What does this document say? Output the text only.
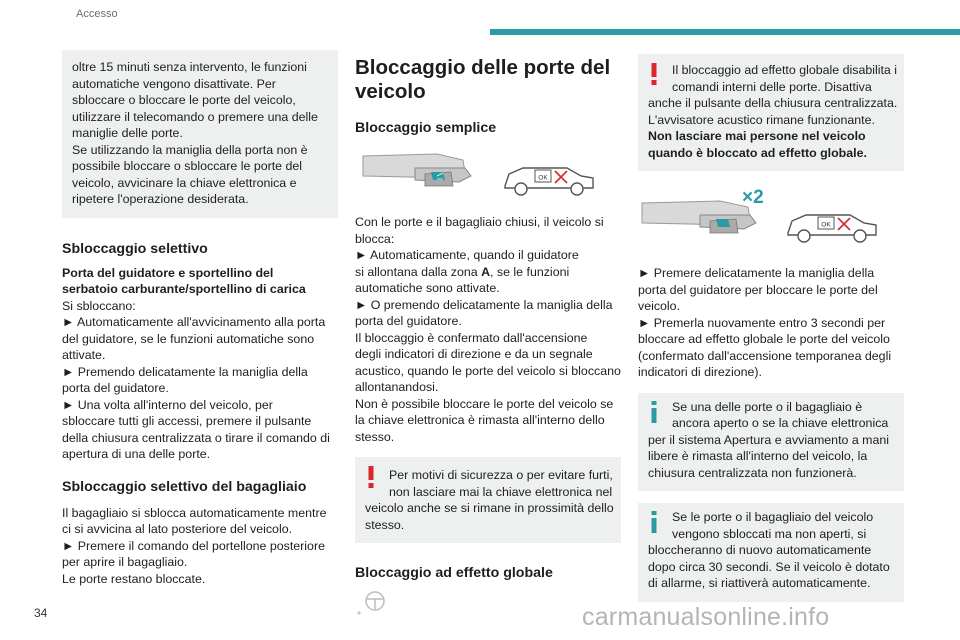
Accesso
oltre 15 minuti senza intervento, le funzioni
automatiche vengono disattivate. Per
sbloccare o bloccare le porte del veicolo,
utilizzare il telecomando o premere una delle
maniglie delle porte.
Se utilizzando la maniglia della porta non è
possibile bloccare o sbloccare le porte del
veicolo, avvicinare la chiave elettronica e
ripetere l'operazione desiderata.
Sbloccaggio selettivo
Porta del guidatore e sportellino del
serbatoio carburante/sportellino di carica
Si sbloccano:
► Automaticamente all'avvicinamento alla porta
del guidatore, se le funzioni automatiche sono
attivate.
► Premendo delicatamente la maniglia della
porta del guidatore.
► Una volta all'interno del veicolo, per
sbloccare tutti gli accessi, premere il pulsante
della chiusura centralizzata o tirare il comando di
apertura di una delle porte.
Sbloccaggio selettivo del bagagliaio
Il bagagliaio si sblocca automaticamente mentre
ci si avvicina al lato posteriore del veicolo.
► Premere il comando del portellone posteriore
per aprire il bagagliaio.
Le porte restano bloccate.
Bloccaggio delle porte del
veicolo
Bloccaggio semplice
OK
Con le porte e il bagagliaio chiusi, il veicolo si
blocca:
► Automaticamente, quando il guidatore
si allontana dalla zona A, se le funzioni
automatiche sono attivate.
► O premendo delicatamente la maniglia della
porta del guidatore.
Il bloccaggio è confermato dall'accensione
degli indicatori di direzione e da un segnale
acustico, quando le porte del veicolo si bloccano
allontanandosi.
Non è possibile bloccare le porte del veicolo se
la chiave elettronica è rimasta all'interno dello
stesso.
Per motivi di sicurezza o per evitare furti,
non lasciare mai la chiave elettronica nel
veicolo anche se si rimane in prossimità dello
stesso.
Bloccaggio ad effetto globale
Il bloccaggio ad effetto globale disabilita i
comandi interni delle porte. Disattiva
anche il pulsante della chiusura centralizzata.
L'avvisatore acustico rimane funzionante.
Non lasciare mai persone nel veicolo
quando è bloccato ad effetto globale.
×2
OK
► Premere delicatamente la maniglia della
porta del guidatore per bloccare le porte del
veicolo.
► Premerla nuovamente entro 3 secondi per
bloccare ad effetto globale le porte del veicolo
(confermato dall'accensione temporanea degli
indicatori di direzione).
Se una delle porte o il bagagliaio è
ancora aperto o se la chiave elettronica
per il sistema Apertura e avviamento a mani
libere è rimasta all'interno del veicolo, la
chiusura centralizzata non funzionerà.
Se le porte o il bagagliaio del veicolo
vengono sbloccati ma non aperti, si
bloccheranno di nuovo automaticamente
dopo circa 30 secondi. Se il veicolo è dotato
di allarme, si riattiverà automaticamente.
34	carmanualsonline.info
